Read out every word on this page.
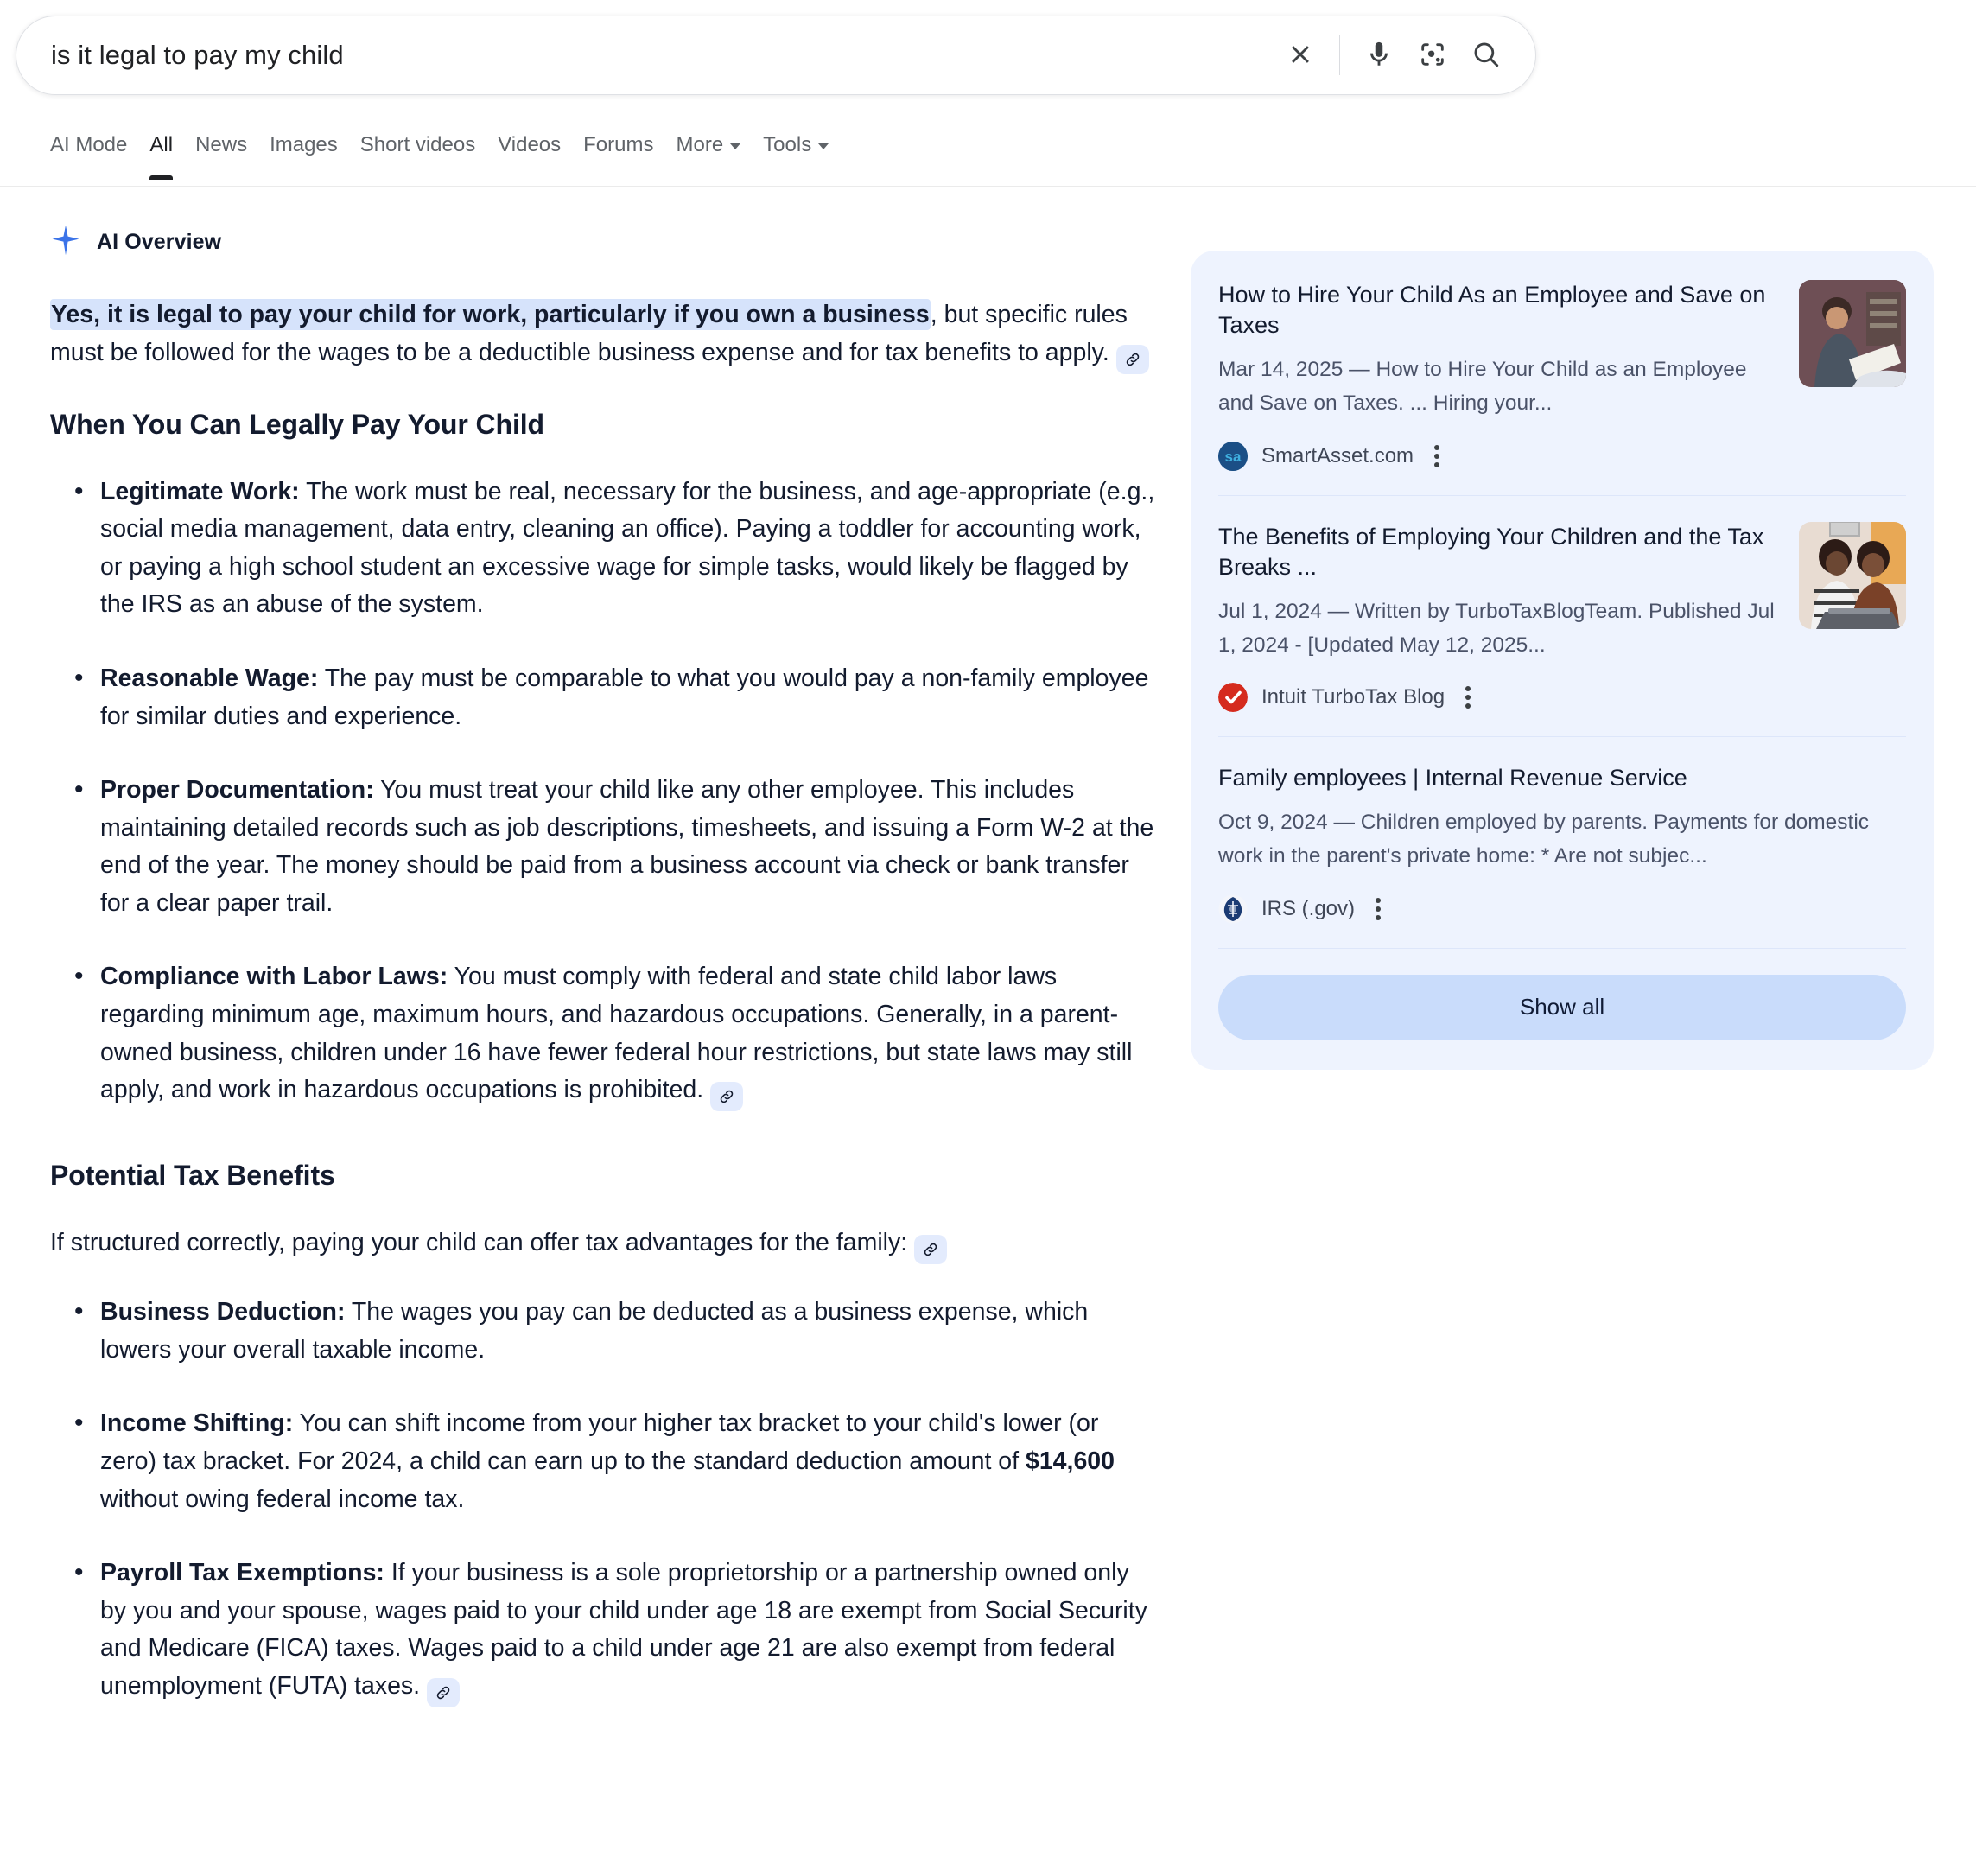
is it legal to pay my child
AI Mode All News Images Short videos Videos Forums More Tools
AI Overview

Yes, it is legal to pay your child for work, particularly if you own a business, but specific rules must be followed for the wages to be a deductible business expense and for tax benefits to apply.

When You Can Legally Pay Your Child
• Legitimate Work: The work must be real, necessary for the business, and age-appropriate (e.g., social media management, data entry, cleaning an office). Paying a toddler for accounting work, or paying a high school student an excessive wage for simple tasks, would likely be flagged by the IRS as an abuse of the system.
• Reasonable Wage: The pay must be comparable to what you would pay a non-family employee for similar duties and experience.
• Proper Documentation: You must treat your child like any other employee. This includes maintaining detailed records such as job descriptions, timesheets, and issuing a Form W-2 at the end of the year. The money should be paid from a business account via check or bank transfer for a clear paper trail.
• Compliance with Labor Laws: You must comply with federal and state child labor laws regarding minimum age, maximum hours, and hazardous occupations. Generally, in a parent-owned business, children under 16 have fewer federal hour restrictions, but state laws may still apply, and work in hazardous occupations is prohibited.
Potential Tax Benefits

If structured correctly, paying your child can offer tax advantages for the family:

• Business Deduction: The wages you pay can be deducted as a business expense, which lowers your overall taxable income.
• Income Shifting: You can shift income from your higher tax bracket to your child's lower (or zero) tax bracket. For 2024, a child can earn up to the standard deduction amount of $14,600 without owing federal income tax.
• Payroll Tax Exemptions: If your business is a sole proprietorship or a partnership owned only by you and your spouse, wages paid to your child under age 18 are exempt from Social Security and Medicare (FICA) taxes. Wages paid to a child under age 21 are also exempt from federal unemployment (FUTA) taxes.
How to Hire Your Child As an Employee and Save on Taxes
Mar 14, 2025 — How to Hire Your Child as an Employee and Save on Taxes. ... Hiring your...
sa SmartAsset.com
The Benefits of Employing Your Children and the Tax Breaks ...
Jul 1, 2024 — Written by TurboTaxBlogTeam. Published Jul 1, 2024 - [Updated May 12, 2025...
Intuit TurboTax Blog
Family employees | Internal Revenue Service
Oct 9, 2024 — Children employed by parents. Payments for domestic work in the parent's private home: * Are not subjec...
IRS (.gov)
Show all
